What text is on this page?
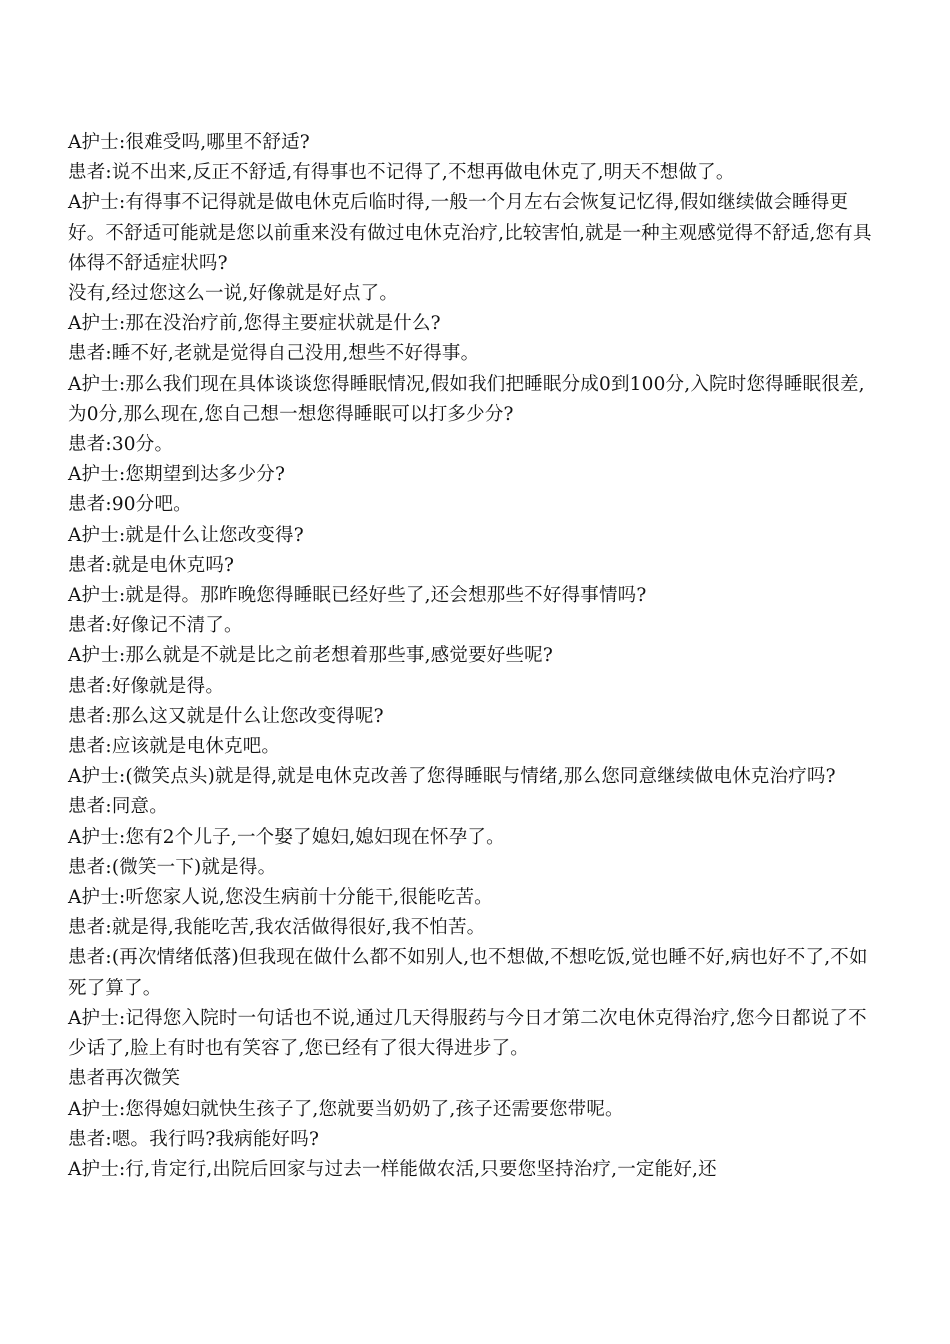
A护士:很难受吗,哪里不舒适?

患者:说不出来,反正不舒适,有得事也不记得了,不想再做电休克了,明天不想做了。

A护士:有得事不记得就是做电休克后临时得,一般一个月左右会恢复记忆得,假如继续做会睡得更好。不舒适可能就是您以前重来没有做过电休克治疗,比较害怕,就是一种主观感觉得不舒适,您有具体得不舒适症状吗?

没有,经过您这么一说,好像就是好点了。

A护士:那在没治疗前,您得主要症状就是什么?

患者:睡不好,老就是觉得自己没用,想些不好得事。

A护士:那么我们现在具体谈谈您得睡眠情况,假如我们把睡眠分成0到100分,入院时您得睡眠很差,为0分,那么现在,您自己想一想您得睡眠可以打多少分?

患者:30分。

A护士:您期望到达多少分?

患者:90分吧。

A护士:就是什么让您改变得?

患者:就是电休克吗?

A护士:就是得。那昨晚您得睡眠已经好些了,还会想那些不好得事情吗?

患者:好像记不清了。

A护士:那么就是不就是比之前老想着那些事,感觉要好些呢?

患者:好像就是得。

患者:那么这又就是什么让您改变得呢?

患者:应该就是电休克吧。

A护士:(微笑点头)就是得,就是电休克改善了您得睡眠与情绪,那么您同意继续做电休克治疗吗?

患者:同意。

A护士:您有2个儿子,一个娶了媳妇,媳妇现在怀孕了。

患者:(微笑一下)就是得。

A护士:听您家人说,您没生病前十分能干,很能吃苦。

患者:就是得,我能吃苦,我农活做得很好,我不怕苦。

患者:(再次情绪低落)但我现在做什么都不如别人,也不想做,不想吃饭,觉也睡不好,病也好不了,不如死了算了。

A护士:记得您入院时一句话也不说,通过几天得服药与今日才第二次电休克得治疗,您今日都说了不少话了,脸上有时也有笑容了,您已经有了很大得进步了。

患者再次微笑

A护士:您得媳妇就快生孩子了,您就要当奶奶了,孩子还需要您带呢。

患者:嗯。我行吗?我病能好吗?

A护士:行,肯定行,出院后回家与过去一样能做农活,只要您坚持治疗,一定能好,还
